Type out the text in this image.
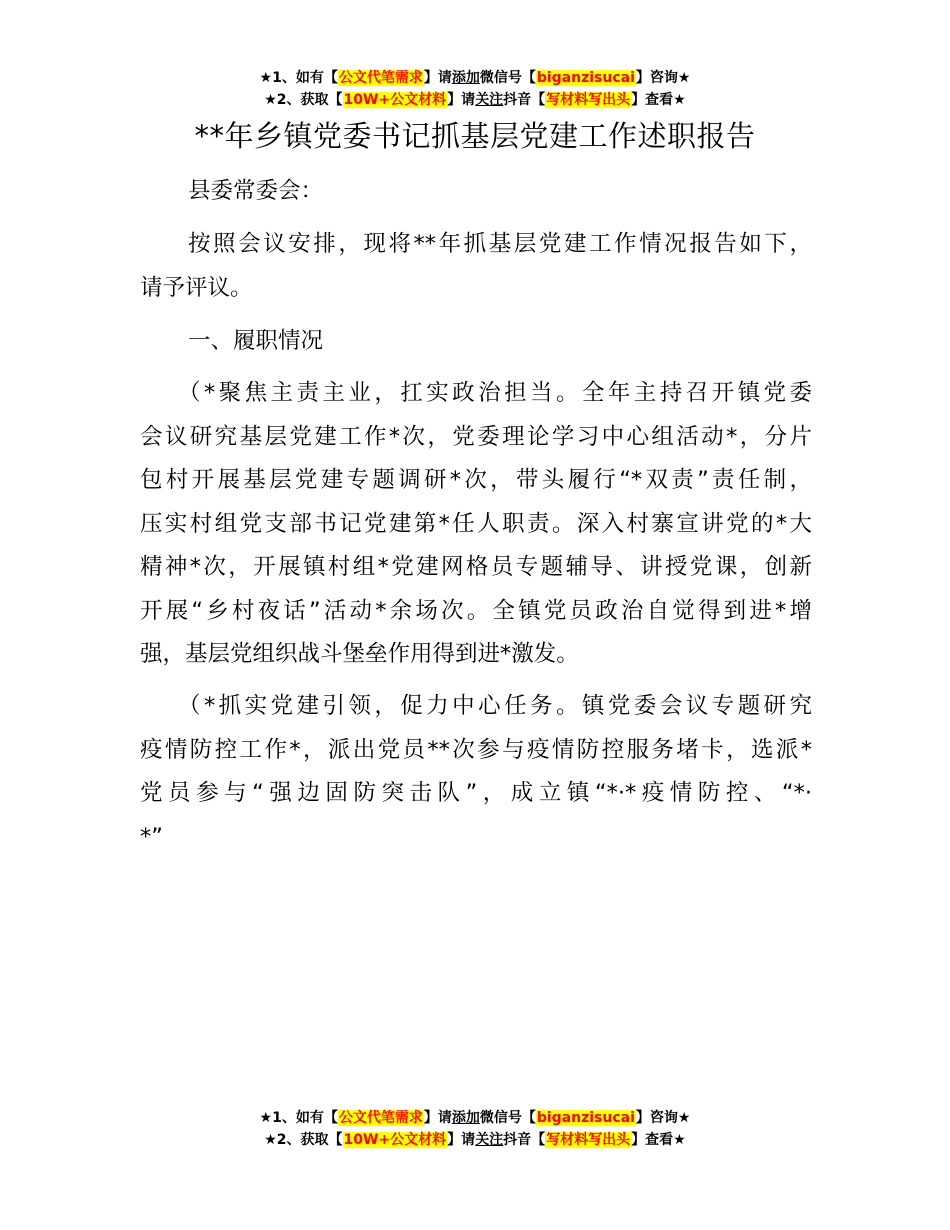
★1、如有【公文代笔需求】请添加微信号【biganzisucai】咨询★
★2、获取【10W+公文材料】请关注抖音【写材料写出头】查看★
**年乡镇党委书记抓基层党建工作述职报告
县委常委会：
按照会议安排，现将**年抓基层党建工作情况报告如下，
请予评议。
一、履职情况
（*聚焦主责主业，扛实政治担当。全年主持召开镇党委
会议研究基层党建工作*次，党委理论学习中心组活动*，分片
包村开展基层党建专题调研*次，带头履行“*双责”责任制，
压实村组党支部书记党建第*任人职责。深入村寨宣讲党的*大
精神*次，开展镇村组*党建网格员专题辅导、讲授党课，创新
开展“乡村夜话”活动*余场次。全镇党员政治自觉得到进*增
强，基层党组织战斗堡垒作用得到进*激发。
（*抓实党建引领，促力中心任务。镇党委会议专题研究
疫情防控工作*，派出党员**次参与疫情防控服务堵卡，选派*
党员参与“强边固防突击队”，成立镇“*·*疫情防控、“*·
*”
★1、如有【公文代笔需求】请添加微信号【biganzisucai】咨询★
★2、获取【10W+公文材料】请关注抖音【写材料写出头】查看★
